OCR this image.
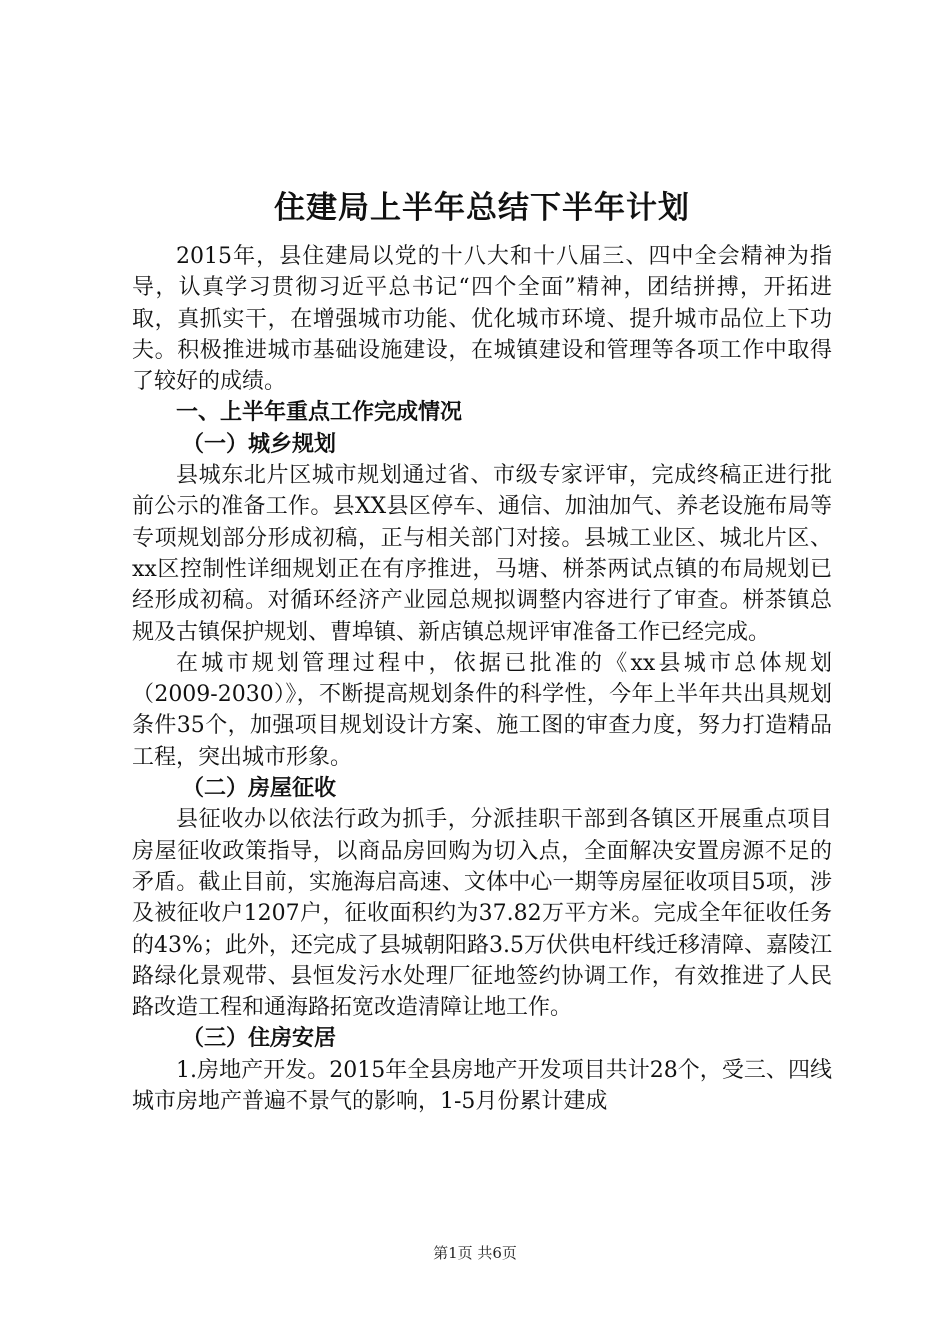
住建局上半年总结下半年计划

2015年，县住建局以党的十八大和十八届三、四中全会精神为指导，认真学习贯彻习近平总书记“四个全面”精神，团结拼搏，开拓进取，真抓实干，在增强城市功能、优化城市环境、提升城市品位上下功夫。积极推进城市基础设施建设，在城镇建设和管理等各项工作中取得了较好的成绩。

一、上半年重点工作完成情况
（一）城乡规划

县城东北片区城市规划通过省、市级专家评审，完成终稿正进行批前公示的准备工作。县XX县区停车、通信、加油加气、养老设施布局等专项规划部分形成初稿，正与相关部门对接。县城工业区、城北片区、xx区控制性详细规划正在有序推进，马塘、栟茶两试点镇的布局规划已经形成初稿。对循环经济产业园总规拟调整内容进行了审查。栟茶镇总规及古镇保护规划、曹埠镇、新店镇总规评审准备工作已经完成。

在城市规划管理过程中，依据已批准的《xx县城市总体规划（2009-2030）》，不断提高规划条件的科学性，今年上半年共出具规划条件35个，加强项目规划设计方案、施工图的审查力度，努力打造精品工程，突出城市形象。

（二）房屋征收

县征收办以依法行政为抓手，分派挂职干部到各镇区开展重点项目房屋征收政策指导，以商品房回购为切入点，全面解决安置房源不足的矛盾。截止目前，实施海启高速、文体中心一期等房屋征收项目5项，涉及被征收户1207户，征收面积约为37.82万平方米。完成全年征收任务的43%；此外，还完成了县城朝阳路3.5万伏供电杆线迁移清障、嘉陵江路绿化景观带、县恒发污水处理厂征地签约协调工作，有效推进了人民路改造工程和通海路拓宽改造清障让地工作。

（三）住房安居

1.房地产开发。2015年全县房地产开发项目共计28个，受三、四线城市房地产普遍不景气的影响，1-5月份累计建成

第1页 共6页
